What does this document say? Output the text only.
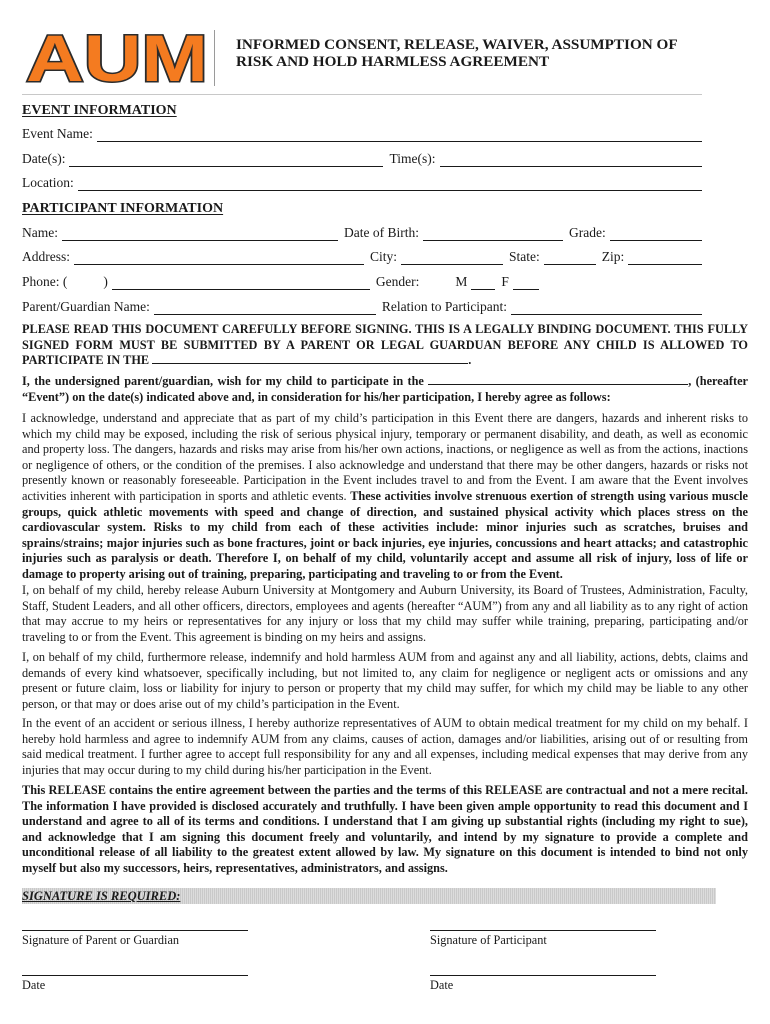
AUM INFORMED CONSENT, RELEASE, WAIVER, ASSUMPTION OF RISK AND HOLD HARMLESS AGREEMENT
EVENT INFORMATION
Event Name:
Date(s):	Time(s):
Location:
PARTICIPANT INFORMATION
Name:	Date of Birth:	Grade:
Address:	City:	State:	Zip:
Phone: (	)	Gender:	M	F
Parent/Guardian Name:	Relation to Participant:

PLEASE READ THIS DOCUMENT CAREFULLY BEFORE SIGNING. THIS IS A LEGALLY BINDING DOCUMENT. THIS FULLY SIGNED FORM MUST BE SUBMITTED BY A PARENT OR LEGAL GUARDUAN BEFORE ANY CHILD IS ALLOWED TO PARTICIPATE IN THE	.

I, the undersigned parent/guardian, wish for my child to participate in the	, (hereafter “Event”) on the date(s) indicated above and, in consideration for his/her participation, I hereby agree as follows:

I acknowledge, understand and appreciate that as part of my child’s participation in this Event there are dangers, hazards and inherent risks to which my child may be exposed, including the risk of serious physical injury, temporary or permanent disability, and death, as well as economic and property loss. The dangers, hazards and risks may arise from his/her own actions, inactions, or negligence as well as from the actions, inactions or negligence of others, or the condition of the premises. I also acknowledge and understand that there may be other dangers, hazards or risks not presently known or reasonably foreseeable. Participation in the Event includes travel to and from the Event. I am aware that the Event involves activities inherent with participation in sports and athletic events. These activities involve strenuous exertion of strength using various muscle groups, quick athletic movements with speed and change of direction, and sustained physical activity which places stress on the cardiovascular system. Risks to my child from each of these activities include: minor injuries such as scratches, bruises and sprains/strains; major injuries such as bone fractures, joint or back injuries, eye injuries, concussions and heart attacks; and catastrophic injuries such as paralysis or death. Therefore I, on behalf of my child, voluntarily accept and assume all risk of injury, loss of life or damage to property arising out of training, preparing, participating and traveling to or from the Event.

I, on behalf of my child, hereby release Auburn University at Montgomery and Auburn University, its Board of Trustees, Administration, Faculty, Staff, Student Leaders, and all other officers, directors, employees and agents (hereafter “AUM”) from any and all liability as to any right of action that may accrue to my heirs or representatives for any injury or loss that my child may suffer while training, preparing, participating and/or traveling to or from the Event. This agreement is binding on my heirs and assigns.

I, on behalf of my child, furthermore release, indemnify and hold harmless AUM from and against any and all liability, actions, debts, claims and demands of every kind whatsoever, specifically including, but not limited to, any claim for negligence or negligent acts or omissions and any present or future claim, loss or liability for injury to person or property that my child may suffer, for which my child may be liable to any other person, or that may or does arise out of my child’s participation in the Event.

In the event of an accident or serious illness, I hereby authorize representatives of AUM to obtain medical treatment for my child on my behalf. I hereby hold harmless and agree to indemnify AUM from any claims, causes of action, damages and/or liabilities, arising out of or resulting from said medical treatment. I further agree to accept full responsibility for any and all expenses, including medical expenses that may derive from any injuries that may occur during to my child during his/her participation in the Event.

This RELEASE contains the entire agreement between the parties and the terms of this RELEASE are contractual and not a mere recital. The information I have provided is disclosed accurately and truthfully. I have been given ample opportunity to read this document and I understand and agree to all of its terms and conditions. I understand that I am giving up substantial rights (including my right to sue), and acknowledge that I am signing this document freely and voluntarily, and intend by my signature to provide a complete and unconditional release of all liability to the greatest extent allowed by law. My signature on this document is intended to bind not only myself but also my successors, heirs, representatives, administrators, and assigns.

SIGNATURE IS REQUIRED:
Signature of Parent or Guardian	Signature of Participant
Date	Date
